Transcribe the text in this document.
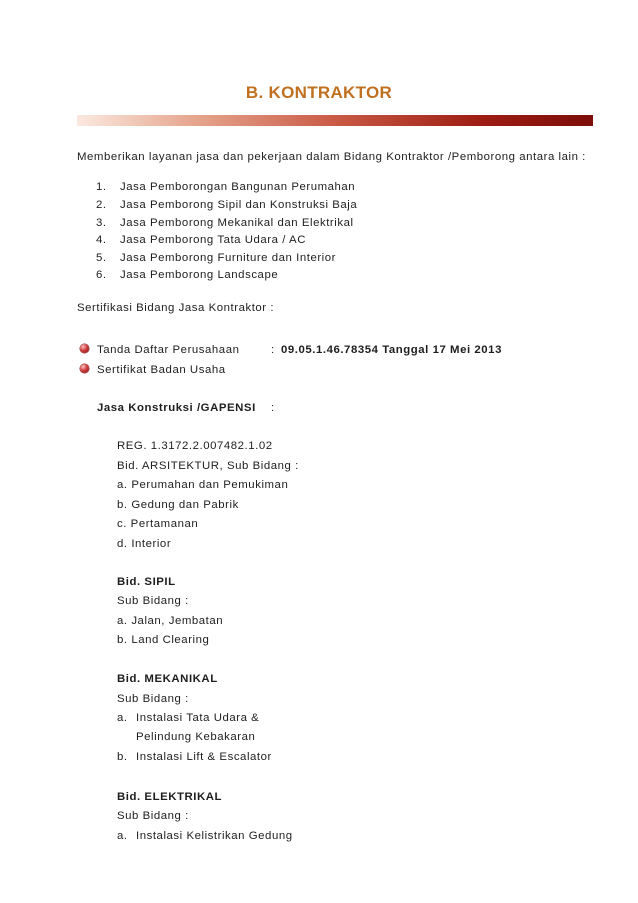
B. KONTRAKTOR
Memberikan layanan jasa dan pekerjaan dalam Bidang Kontraktor /Pemborong antara lain :
1. Jasa Pemborongan Bangunan Perumahan
2. Jasa Pemborong Sipil dan Konstruksi Baja
3. Jasa Pemborong Mekanikal dan Elektrikal
4. Jasa Pemborong Tata Udara / AC
5. Jasa Pemborong Furniture dan Interior
6. Jasa Pemborong Landscape
Sertifikasi Bidang Jasa Kontraktor :
Tanda Daftar Perusahaan	: 09.05.1.46.78354 Tanggal 17 Mei 2013
Sertifikat Badan Usaha
Jasa Konstruksi /GAPENSI :
REG. 1.3172.2.007482.1.02
Bid. ARSITEKTUR, Sub Bidang :
a. Perumahan dan Pemukiman
b. Gedung dan Pabrik
c. Pertamanan
d. Interior
Bid. SIPIL
Sub Bidang :
a. Jalan, Jembatan
b. Land Clearing
Bid. MEKANIKAL
Sub Bidang :
a. Instalasi Tata Udara &
Pelindung Kebakaran
b. Instalasi Lift & Escalator
Bid. ELEKTRIKAL
Sub Bidang :
a. Instalasi Kelistrikan Gedung
